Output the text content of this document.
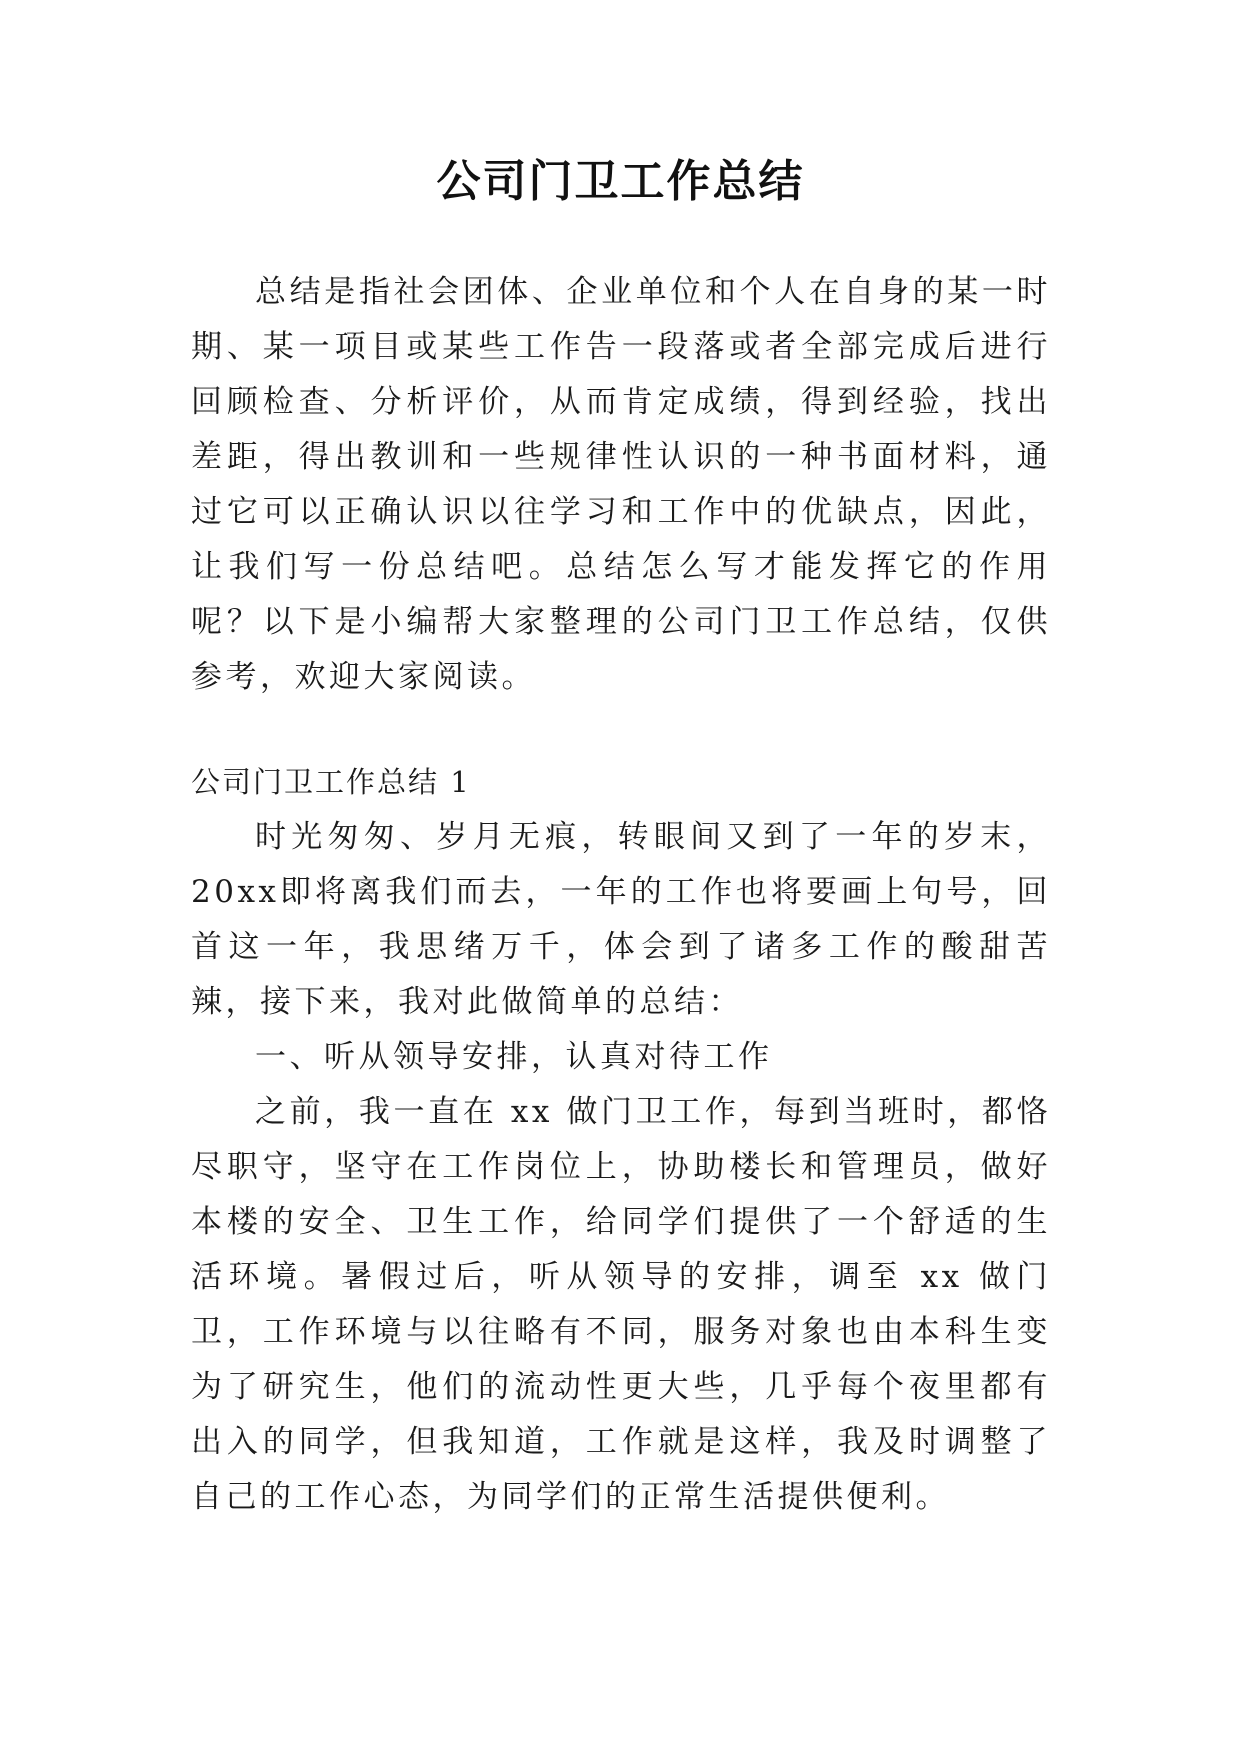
公司门卫工作总结
总结是指社会团体、企业单位和个人在自身的某一时期、某一项目或某些工作告一段落或者全部完成后进行回顾检查、分析评价，从而肯定成绩，得到经验，找出差距，得出教训和一些规律性认识的一种书面材料，通过它可以正确认识以往学习和工作中的优缺点，因此，让我们写一份总结吧。总结怎么写才能发挥它的作用呢？以下是小编帮大家整理的公司门卫工作总结，仅供参考，欢迎大家阅读。
公司门卫工作总结 1

时光匆匆、岁月无痕，转眼间又到了一年的岁末，20xx即将离我们而去，一年的工作也将要画上句号，回首这一年，我思绪万千，体会到了诸多工作的酸甜苦辣，接下来，我对此做简单的总结：

一、听从领导安排，认真对待工作

之前，我一直在 xx 做门卫工作，每到当班时，都恪尽职守，坚守在工作岗位上，协助楼长和管理员，做好本楼的安全、卫生工作，给同学们提供了一个舒适的生活环境。暑假过后，听从领导的安排，调至 xx 做门卫，工作环境与以往略有不同，服务对象也由本科生变为了研究生，他们的流动性更大些，几乎每个夜里都有出入的同学，但我知道，工作就是这样，我及时调整了自己的工作心态，为同学们的正常生活提供便利。
